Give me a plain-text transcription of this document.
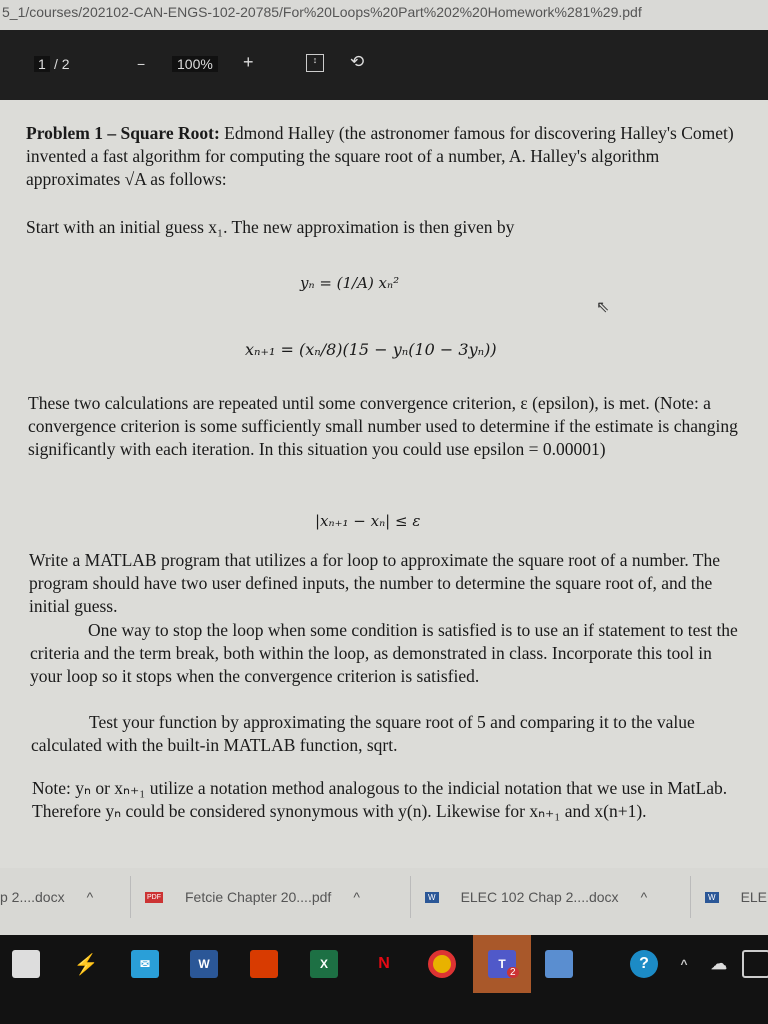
5_1/courses/202102-CAN-ENGS-102-20785/For%20Loops%20Part%202%20Homework%281%29.pdf
1 / 2	−	100% +	↕	⟲
Problem 1 – Square Root: Edmond Halley (the astronomer famous for discovering Halley's Comet) invented a fast algorithm for computing the square root of a number, A. Halley's algorithm approximates √A as follows:
Start with an initial guess x₁. The new approximation is then given by
yₙ = (1/A) xₙ²
xₙ₊₁ = (xₙ/8)(15 − yₙ(10 − 3yₙ))
These two calculations are repeated until some convergence criterion, ε (epsilon), is met. (Note: a convergence criterion is some sufficiently small number used to determine if the estimate is changing significantly with each iteration. In this situation you could use epsilon = 0.00001)
|xₙ₊₁ − xₙ| ≤ ε
Write a MATLAB program that utilizes a for loop to approximate the square root of a number. The program should have two user defined inputs, the number to determine the square root of, and the initial guess.
One way to stop the loop when some condition is satisfied is to use an if statement to test the criteria and the term break, both within the loop, as demonstrated in class. Incorporate this tool in your loop so it stops when the convergence criterion is satisfied.
Test your function by approximating the square root of 5 and comparing it to the value calculated with the built-in MATLAB function, sqrt.
Note: yₙ or xₙ₊₁ utilize a notation method analogous to the indicial notation that we use in MatLab. Therefore yₙ could be considered synonymous with y(n). Likewise for xₙ₊₁ and x(n+1).
⇖
p 2....docx ^	PDF Fetcie Chapter 20....pdf ^	W ELEC 102 Chap 2....docx ^	W ELE
⚡	✉	W	X	N	T
2
?	^	☁
